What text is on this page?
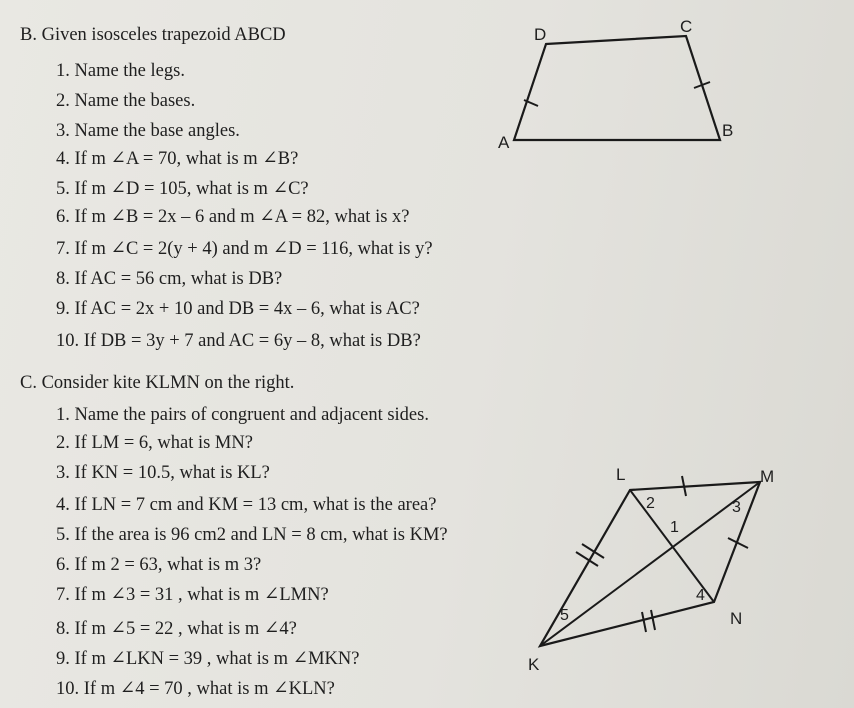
B. Given isosceles trapezoid ABCD
1. Name the legs.
2. Name the bases.
3. Name the base angles.
4. If m ∠A = 70, what is m ∠B?
5. If m ∠D = 105, what is m ∠C?
6. If m ∠B = 2x – 6 and m ∠A = 82, what is x?
7. If m ∠C = 2(y + 4) and m ∠D = 116, what is y?
8. If AC = 56 cm, what is DB?
9. If AC = 2x + 10 and DB = 4x – 6, what is AC?
10. If DB = 3y + 7 and AC = 6y – 8, what is DB?
D	C
A
B
C. Consider kite KLMN on the right.
1. Name the pairs of congruent and adjacent sides.
2. If LM = 6, what is MN?
3. If KN = 10.5, what is KL?
4. If LN = 7 cm and KM = 13 cm, what is the area?
5. If the area is 96 cm2 and LN = 8 cm, what is KM?
6. If m 2 = 63, what is m 3?
7. If m ∠3 = 31 , what is m ∠LMN?
8. If m ∠5 = 22 , what is m ∠4?
9. If m ∠LKN = 39 , what is m ∠MKN?
10. If m ∠4 = 70 , what is m ∠KLN?
L	M
N
K
1
2	3
4
5
